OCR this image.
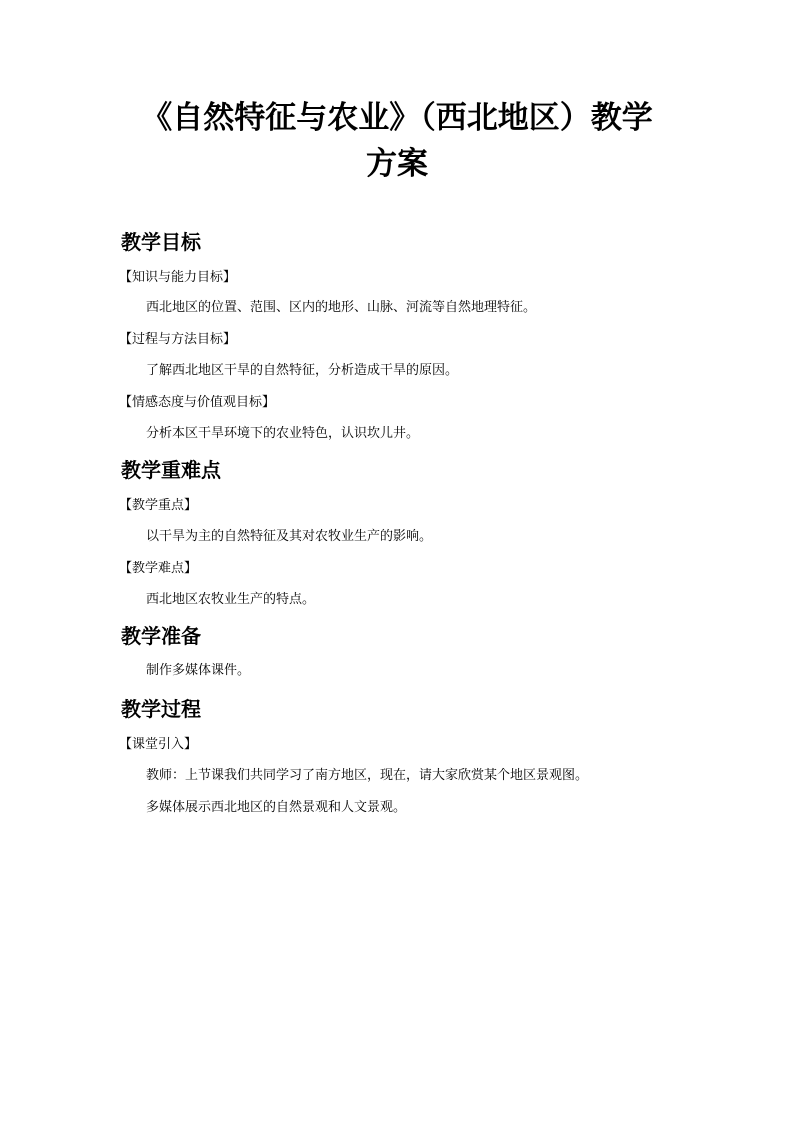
《自然特征与农业》（西北地区）教学
方案
教学目标
【知识与能力目标】
西北地区的位置、范围、区内的地形、山脉、河流等自然地理特征。
【过程与方法目标】
了解西北地区干旱的自然特征，分析造成干旱的原因。
【情感态度与价值观目标】
分析本区干旱环境下的农业特色，认识坎儿井。
教学重难点
【教学重点】
以干旱为主的自然特征及其对农牧业生产的影响。
【教学难点】
西北地区农牧业生产的特点。
教学准备
制作多媒体课件。
教学过程
【课堂引入】
教师：上节课我们共同学习了南方地区，现在，请大家欣赏某个地区景观图。
多媒体展示西北地区的自然景观和人文景观。
